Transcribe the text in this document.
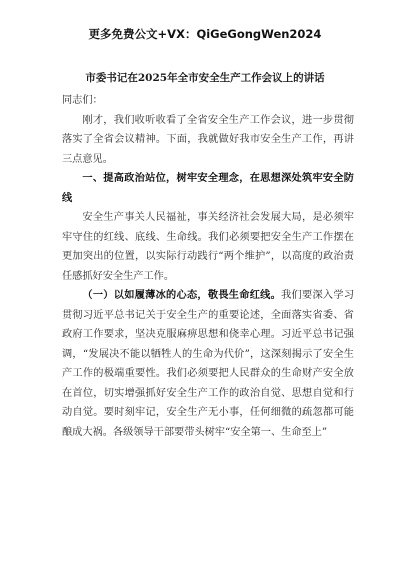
更多免费公文+VX：QiGeGongWen2024
市委书记在2025年全市安全生产工作会议上的讲话

同志们：

刚才，我们收听收看了全省安全生产工作会议，进一步贯彻落实了全省会议精神。下面，我就做好我市安全生产工作，再讲三点意见。

一、提高政治站位，树牢安全理念，在思想深处筑牢安全防线

安全生产事关人民福祉，事关经济社会发展大局，是必须牢牢守住的红线、底线、生命线。我们必须要把安全生产工作摆在更加突出的位置，以实际行动践行“两个维护”，以高度的政治责任感抓好安全生产工作。

（一）以如履薄冰的心态，敬畏生命红线。我们要深入学习贯彻习近平总书记关于安全生产的重要论述，全面落实省委、省政府工作要求，坚决克服麻痹思想和侥幸心理。习近平总书记强调，“发展决不能以牺牲人的生命为代价”，这深刻揭示了安全生产工作的极端重要性。我们必须要把人民群众的生命财产安全放在首位，切实增强抓好安全生产工作的政治自觉、思想自觉和行动自觉。要时刻牢记，安全生产无小事，任何细微的疏忽都可能酿成大祸。各级领导干部要带头树牢“安全第一、生命至上”
